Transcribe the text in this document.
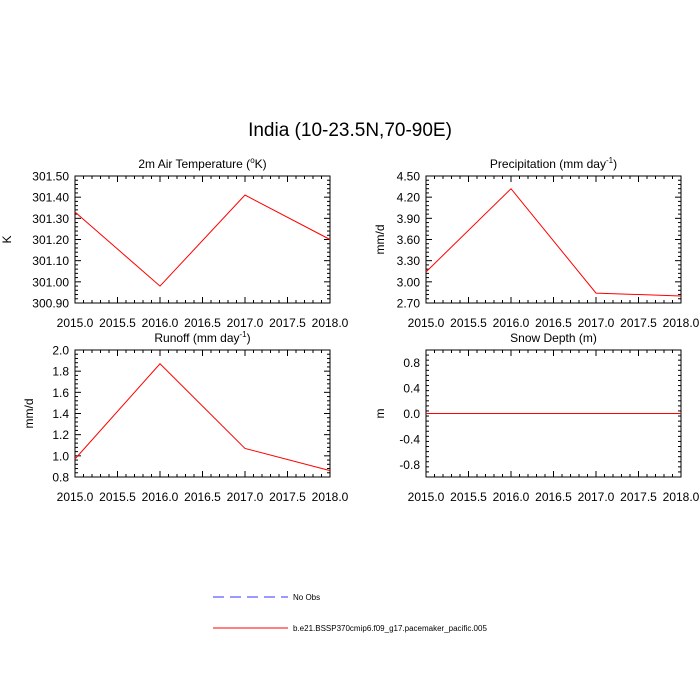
India (10-23.5N,70-90E)
2m Air Temperature ($^o$K)
K
2015.0 2015.5 2016.0 2016.5 2017.0 2017.5 2018.0
300.90
301.00
301.10
301.20
301.30
301.40
301.50
Precipitation (mm day$^{-1}$)
mm/d
2015.0 2015.5 2016.0 2016.5 2017.0 2017.5 2018.0
2.70
3.00
3.30
3.60
3.90
4.20
4.50
Runoff (mm day$^{-1}$)
mm/d
2015.0 2015.5 2016.0 2016.5 2017.0 2017.5 2018.0
0.8
1.0
1.2
1.4
1.6
1.8
2.0
Snow Depth (m)
m
2015.0 2015.5 2016.0 2016.5 2017.0 2017.5 2018.0
-0.8
-0.4
0.0
0.4
0.8
No Obs
b.e21.BSSP370cmip6.f09_g17.pacemaker_pacific.005
